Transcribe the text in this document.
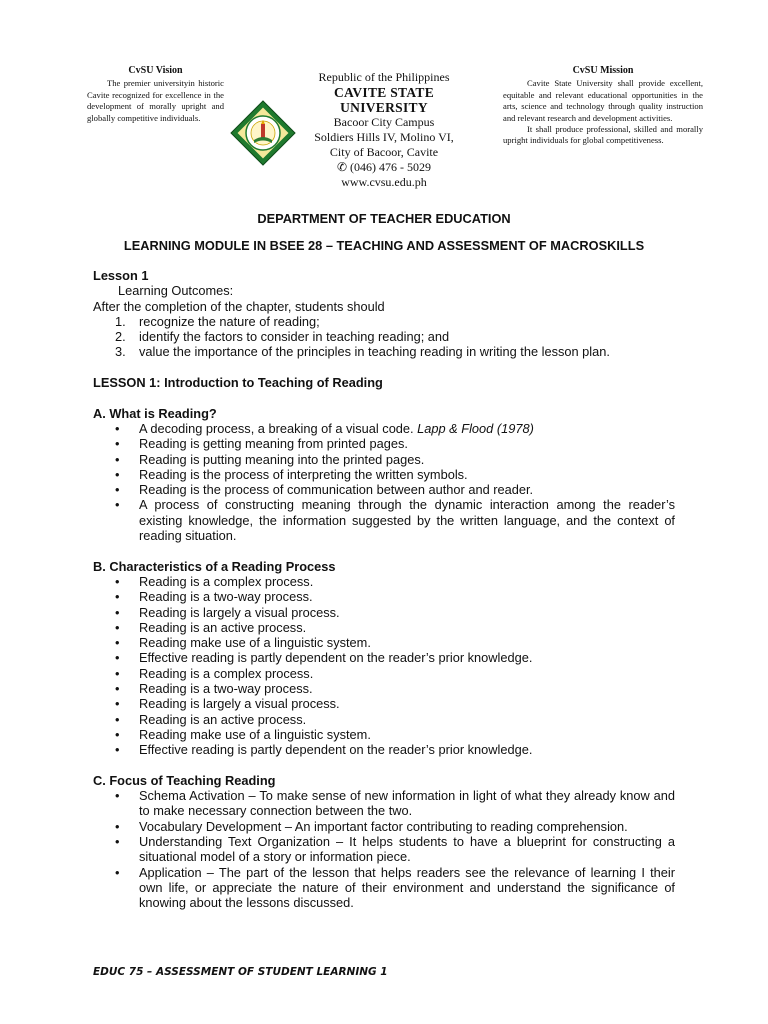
CvSU Vision
The premier universityin historic Cavite recognized for excellence in the development of morally upright and globally competitive individuals.
Republic of the Philippines
CAVITE STATE UNIVERSITY
Bacoor City Campus
Soldiers Hills IV, Molino VI,
City of Bacoor, Cavite
✆ (046) 476 - 5029
www.cvsu.edu.ph
CvSU Mission
Cavite State University shall provide excellent, equitable and relevant educational opportunities in the arts, science and technology through quality instruction and relevant research and development activities.
It shall produce professional, skilled and morally upright individuals for global competitiveness.
DEPARTMENT OF TEACHER EDUCATION
LEARNING MODULE IN BSEE 28 – TEACHING AND ASSESSMENT OF MACROSKILLS
Lesson 1
Learning Outcomes:
After the completion of the chapter, students should
1. recognize the nature of reading;
2. identify the factors to consider in teaching reading; and
3. value the importance of the principles in teaching reading in writing the lesson plan.
LESSON 1: Introduction to Teaching of Reading
A. What is Reading?
• A decoding process, a breaking of a visual code. Lapp & Flood (1978)
• Reading is getting meaning from printed pages.
• Reading is putting meaning into the printed pages.
• Reading is the process of interpreting the written symbols.
• Reading is the process of communication between author and reader.
• A process of constructing meaning through the dynamic interaction among the reader’s existing knowledge, the information suggested by the written language, and the context of reading situation.
B. Characteristics of a Reading Process
• Reading is a complex process.
• Reading is a two-way process.
• Reading is largely a visual process.
• Reading is an active process.
• Reading make use of a linguistic system.
• Effective reading is partly dependent on the reader’s prior knowledge.
• Reading is a complex process.
• Reading is a two-way process.
• Reading is largely a visual process.
• Reading is an active process.
• Reading make use of a linguistic system.
• Effective reading is partly dependent on the reader’s prior knowledge.
C. Focus of Teaching Reading
• Schema Activation – To make sense of new information in light of what they already know and to make necessary connection between the two.
• Vocabulary Development – An important factor contributing to reading comprehension.
• Understanding Text Organization – It helps students to have a blueprint for constructing a situational model of a story or information piece.
• Application – The part of the lesson that helps readers see the relevance of learning I their own life, or appreciate the nature of their environment and understand the significance of knowing about the lessons discussed.
EDUC 75 – ASSESSMENT OF STUDENT LEARNING 1
